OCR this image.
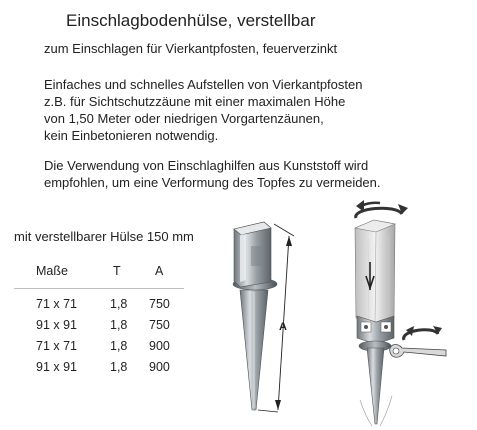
Einschlagbodenhülse, verstellbar
zum Einschlagen für Vierkantpfosten, feuerverzinkt
Einfaches und schnelles Aufstellen von Vierkantpfosten
z.B. für Sichtschutzzäune mit einer maximalen Höhe
von 1,50 Meter oder niedrigen Vorgartenzäunen,
kein Einbetonieren notwendig.
Die Verwendung von Einschlaghilfen aus Kunststoff wird
empfohlen, um eine Verformung des Topfes zu vermeiden.
mit verstellbarer Hülse 150 mm
Maße	T	A
71 x 71	1,8 750
91 x 91	1,8 750
71 x 71	1,8 900
91 x 91	1,8 900
A
